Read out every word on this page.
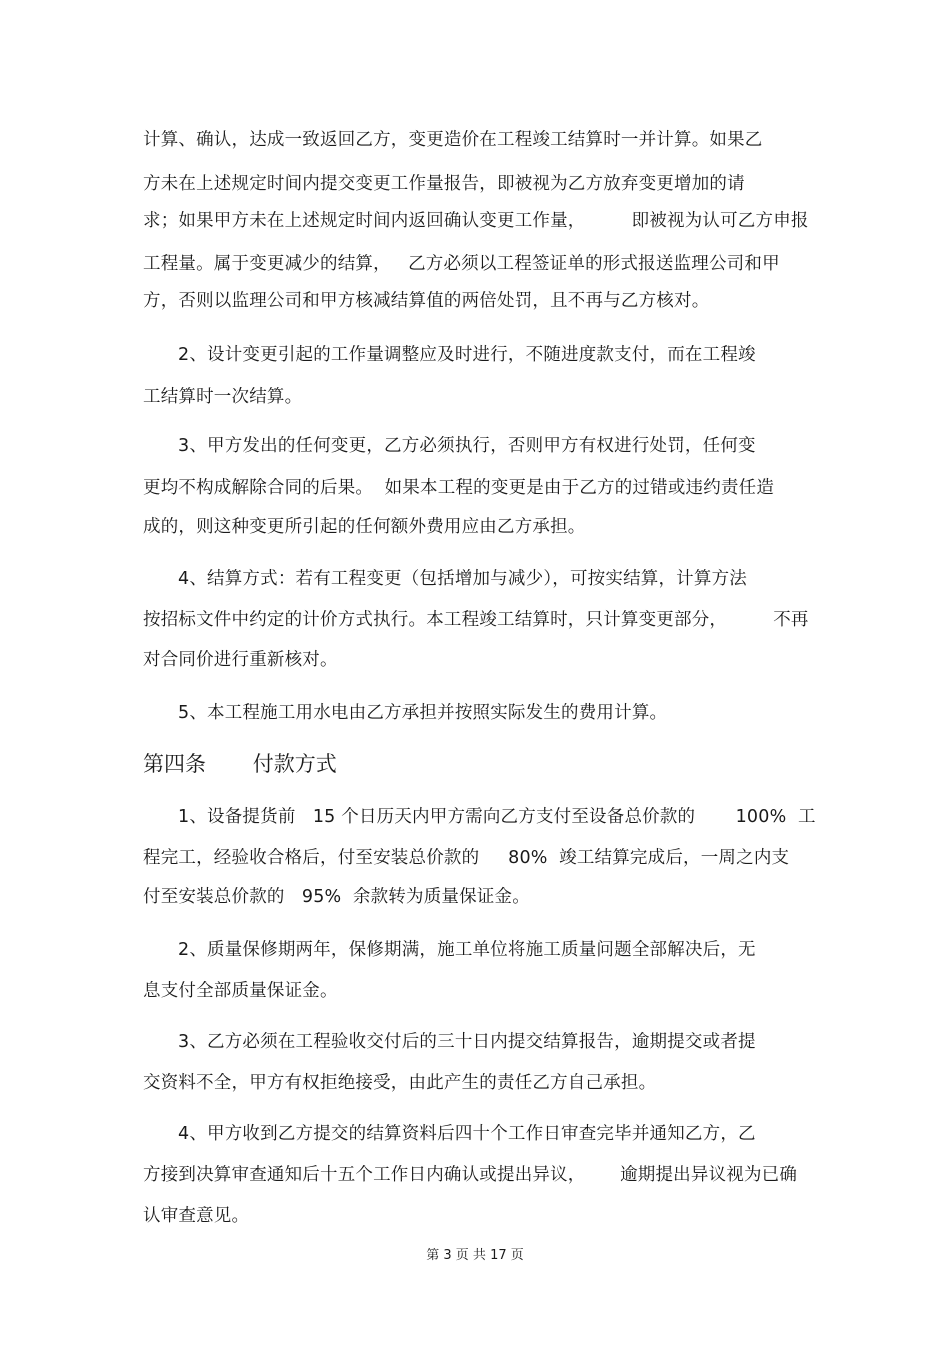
计算、确认，达成一致返回乙方，变更造价在工程竣工结算时一并计算。如果乙
方未在上述规定时间内提交变更工作量报告，即被视为乙方放弃变更增加的请
求；如果甲方未在上述规定时间内返回确认变更工作量，        即被视为认可乙方申报
工程量。属于变更减少的结算，   乙方必须以工程签证单的形式报送监理公司和甲
方，否则以监理公司和甲方核减结算值的两倍处罚，且不再与乙方核对。
2、设计变更引起的工作量调整应及时进行，不随进度款支付，而在工程竣
工结算时一次结算。
3、甲方发出的任何变更，乙方必须执行，否则甲方有权进行处罚，任何变
更均不构成解除合同的后果。  如果本工程的变更是由于乙方的过错或违约责任造
成的，则这种变更所引起的任何额外费用应由乙方承担。
4、结算方式：若有工程变更（包括增加与减少），可按实结算，计算方法
按招标文件中约定的计价方式执行。本工程竣工结算时，只计算变更部分，        不再
对合同价进行重新核对。
5、本工程施工用水电由乙方承担并按照实际发生的费用计算。
第四条       付款方式
1、设备提货前   15 个日历天内甲方需向乙方支付至设备总价款的       100%  工
程完工，经验收合格后，付至安装总价款的     80%  竣工结算完成后，一周之内支
付至安装总价款的   95%  余款转为质量保证金。
2、质量保修期两年，保修期满，施工单位将施工质量问题全部解决后，无
息支付全部质量保证金。
3、乙方必须在工程验收交付后的三十日内提交结算报告，逾期提交或者提
交资料不全，甲方有权拒绝接受，由此产生的责任乙方自己承担。
4、甲方收到乙方提交的结算资料后四十个工作日审查完毕并通知乙方，乙
方接到决算审查通知后十五个工作日内确认或提出异议，      逾期提出异议视为已确
认审查意见。
第 3 页 共 17 页
